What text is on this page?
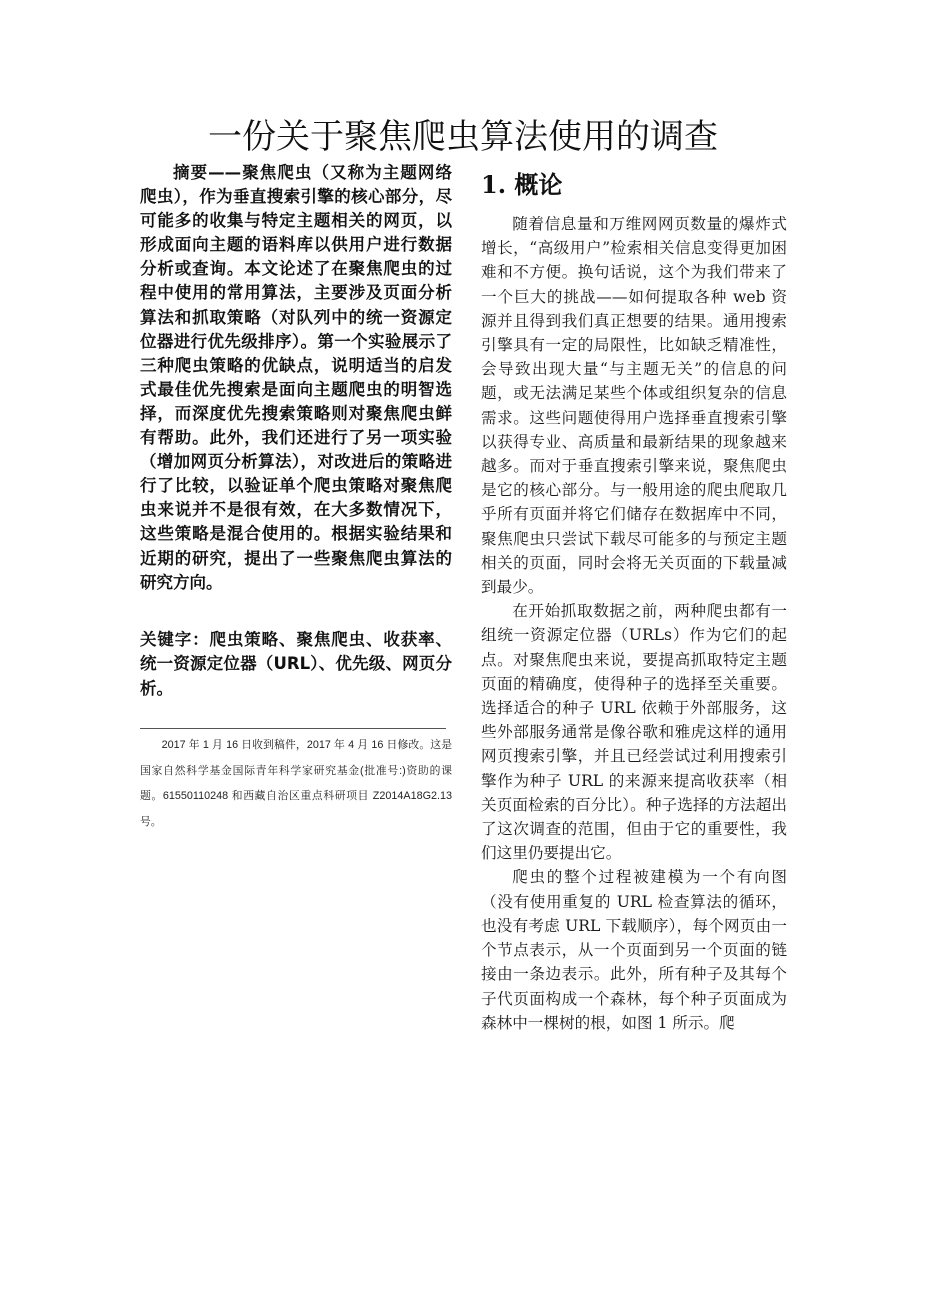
一份关于聚焦爬虫算法使用的调查

摘要——聚焦爬虫（又称为主题网络爬虫），作为垂直搜索引擎的核心部分，尽可能多的收集与特定主题相关的网页，以形成面向主题的语料库以供用户进行数据分析或查询。本文论述了在聚焦爬虫的过程中使用的常用算法，主要涉及页面分析算法和抓取策略（对队列中的统一资源定位器进行优先级排序）。第一个实验展示了三种爬虫策略的优缺点，说明适当的启发式最佳优先搜索是面向主题爬虫的明智选择，而深度优先搜索策略则对聚焦爬虫鲜有帮助。此外，我们还进行了另一项实验（增加网页分析算法），对改进后的策略进行了比较，以验证单个爬虫策略对聚焦爬虫来说并不是很有效，在大多数情况下，这些策略是混合使用的。根据实验结果和近期的研究，提出了一些聚焦爬虫算法的研究方向。

关键字：爬虫策略、聚焦爬虫、收获率、统一资源定位器（URL）、优先级、网页分析。

2017 年 1 月 16 日收到稿件，2017 年 4 月 16 日修改。这是国家自然科学基金国际青年科学家研究基金(批准号:)资助的课题。61550110248 和西藏自治区重点科研项目 Z2014A18G2.13 号。

1. 概论

随着信息量和万维网网页数量的爆炸式增长，“高级用户”检索相关信息变得更加困难和不方便。换句话说，这个为我们带来了一个巨大的挑战——如何提取各种 web 资源并且得到我们真正想要的结果。通用搜索引擎具有一定的局限性，比如缺乏精准性，会导致出现大量“与主题无关”的信息的问题，或无法满足某些个体或组织复杂的信息需求。这些问题使得用户选择垂直搜索引擎以获得专业、高质量和最新结果的现象越来越多。而对于垂直搜索引擎来说，聚焦爬虫是它的核心部分。与一般用途的爬虫爬取几乎所有页面并将它们储存在数据库中不同，聚焦爬虫只尝试下载尽可能多的与预定主题相关的页面，同时会将无关页面的下载量减到最少。

在开始抓取数据之前，两种爬虫都有一组统一资源定位器（URLs）作为它们的起点。对聚焦爬虫来说，要提高抓取特定主题页面的精确度，使得种子的选择至关重要。选择适合的种子 URL 依赖于外部服务，这些外部服务通常是像谷歌和雅虎这样的通用网页搜索引擎，并且已经尝试过利用搜索引擎作为种子 URL 的来源来提高收获率（相关页面检索的百分比）。种子选择的方法超出了这次调查的范围，但由于它的重要性，我们这里仍要提出它。

爬虫的整个过程被建模为一个有向图（没有使用重复的 URL 检查算法的循环，也没有考虑 URL 下载顺序），每个网页由一个节点表示，从一个页面到另一个页面的链接由一条边表示。此外，所有种子及其每个子代页面构成一个森林，每个种子页面成为森林中一棵树的根，如图 1 所示。爬
